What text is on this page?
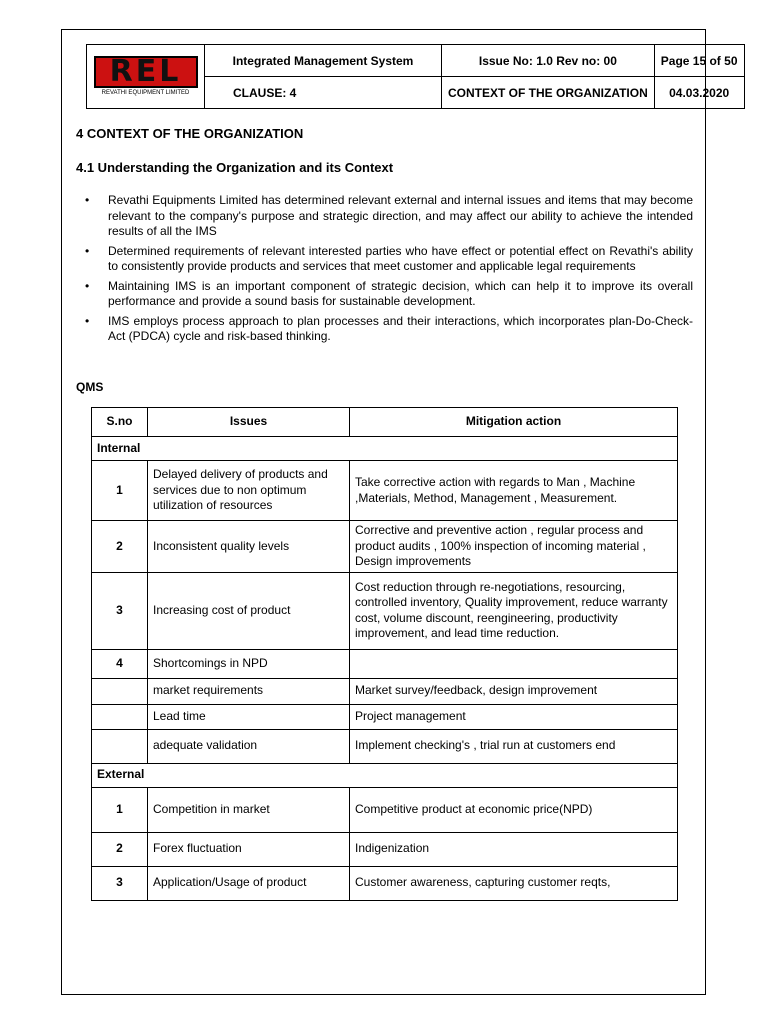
REL
REVATHI EQUIPMENT LIMITED	Integrated Management System	Issue No: 1.0 Rev no: 00	Page 15 of 50
	CLAUSE: 4	CONTEXT OF THE ORGANIZATION	04.03.2020
4 CONTEXT OF THE ORGANIZATION
4.1 Understanding the Organization and its Context
• Revathi Equipments Limited has determined relevant external and internal issues and items that may become relevant to the company's purpose and strategic direction, and may affect our ability to achieve the intended results of all the IMS
• Determined requirements of relevant interested parties who have effect or potential effect on Revathi's ability to consistently provide products and services that meet customer and applicable legal requirements
• Maintaining IMS is an important component of strategic decision, which can help it to improve its overall performance and provide a sound basis for sustainable development.
• IMS employs process approach to plan processes and their interactions, which incorporates plan-Do-Check-Act (PDCA) cycle and risk-based thinking.
QMS
S.no	Issues	Mitigation action
Internal		
1	Delayed delivery of products and services due to non optimum utilization of resources	Take corrective action with regards to Man , Machine ,Materials, Method, Management , Measurement.
2	Inconsistent quality levels	Corrective and preventive action , regular process and product audits , 100% inspection of incoming material , Design improvements
3	Increasing cost of product	Cost reduction through re-negotiations, resourcing, controlled inventory, Quality improvement, reduce warranty cost, volume discount, reengineering, productivity improvement, and lead time reduction.
4	Shortcomings in NPD	
	market requirements	Market survey/feedback, design improvement
	Lead time	Project management
	adequate validation	Implement checking's , trial run at customers end
External		
1	Competition in market	Competitive product at economic price(NPD)
2	Forex fluctuation	Indigenization
3	Application/Usage of product	Customer awareness, capturing customer reqts,
